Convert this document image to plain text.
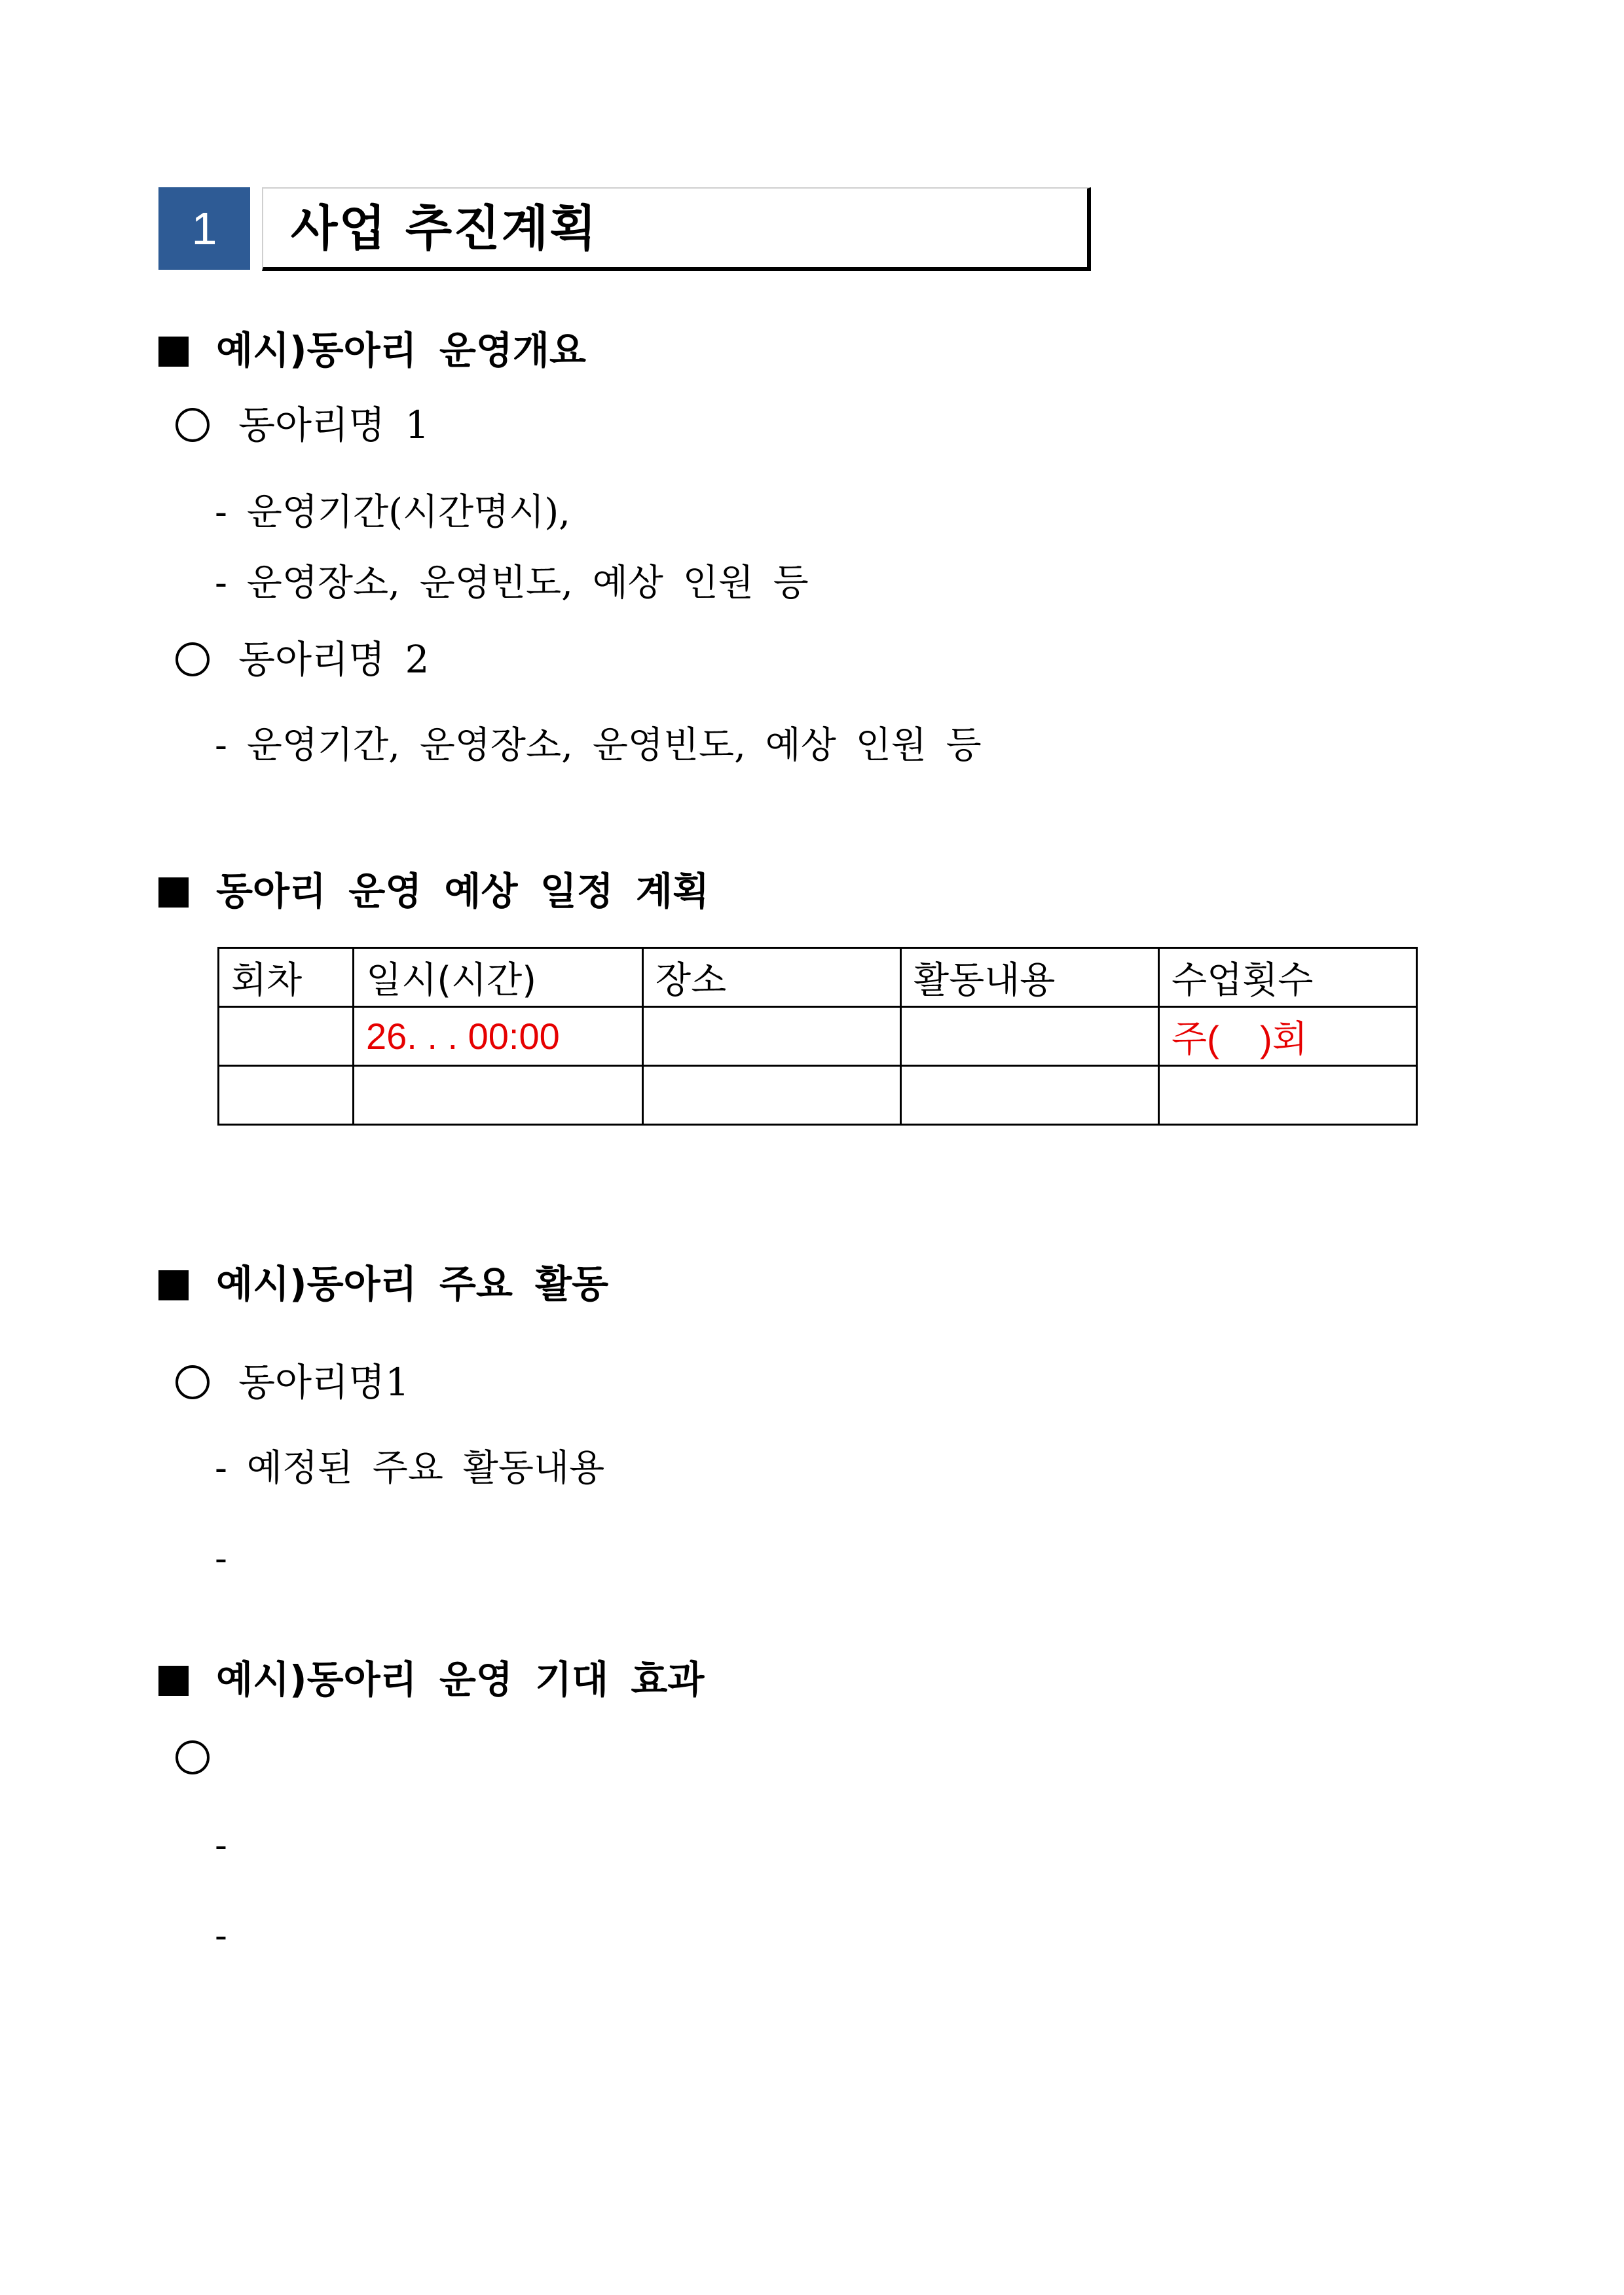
1 사업 추진계획
예시)동아리 운영개요
동아리명 1
- 운영기간(시간명시),
- 운영장소, 운영빈도, 예상 인원 등
동아리명 2
- 운영기간, 운영장소, 운영빈도, 예상 인원 등
동아리 운영 예상 일정 계획
회차	일시(시간)	장소	활동내용	수업횟수
	26. . . 00:00			주(    )회

예시)동아리 주요 활동
동아리명1
- 예정된 주요 활동내용
-
예시)동아리 운영 기대 효과
-
-
